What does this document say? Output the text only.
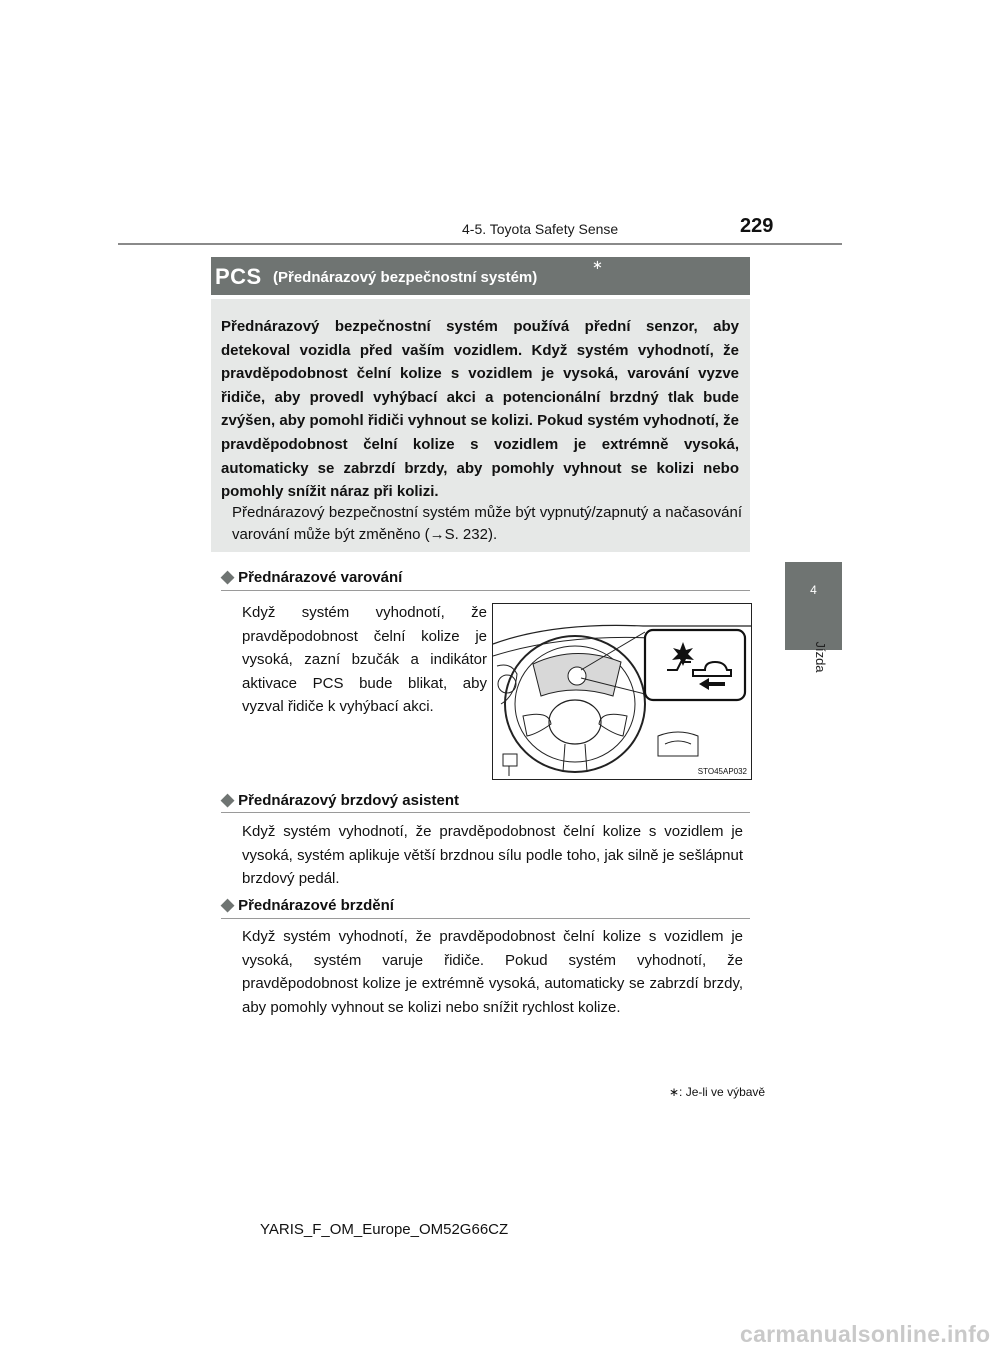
4-5. Toyota Safety Sense	229
4
Jízda
PCS (Přednárazový bezpečnostní systém)
∗

Přednárazový bezpečnostní systém používá přední senzor, aby detekoval vozidla před vaším vozidlem. Když systém vyhodnotí, že pravděpodobnost čelní kolize s vozidlem je vysoká, varování vyzve řidiče, aby provedl vyhýbací akci a potencionální brzdný tlak bude zvýšen, aby pomohl řidiči vyhnout se kolizi. Pokud systém vyhodnotí, že pravděpodobnost čelní kolize s vozidlem je extrémně vysoká, automaticky se zabrzdí brzdy, aby pomohly vyhnout se kolizi nebo pomohly snížit náraz při kolizi.

Přednárazový bezpečnostní systém může být vypnutý/zapnutý a načasování varování může být změněno (→S. 232).

◆ Přednárazové varování

Když systém vyhodnotí, že pravděpodobnost čelní kolize je vysoká, zazní bzučák a indikátor aktivace PCS bude blikat, aby vyzval řidiče k vyhýbací akci.

STO45AP032
◆ Přednárazový brzdový asistent

Když systém vyhodnotí, že pravděpodobnost čelní kolize s vozidlem je vysoká, systém aplikuje větší brzdnou sílu podle toho, jak silně je sešlápnut brzdový pedál.

◆ Přednárazové brzdění

Když systém vyhodnotí, že pravděpodobnost čelní kolize s vozidlem je vysoká, systém varuje řidiče. Pokud systém vyhodnotí, že pravděpodobnost kolize je extrémně vysoká, automaticky se zabrzdí brzdy, aby pomohly vyhnout se kolizi nebo snížit rychlost kolize.

∗: Je-li ve výbavě
YARIS_F_OM_Europe_OM52G66CZ
carmanualsonline.info
